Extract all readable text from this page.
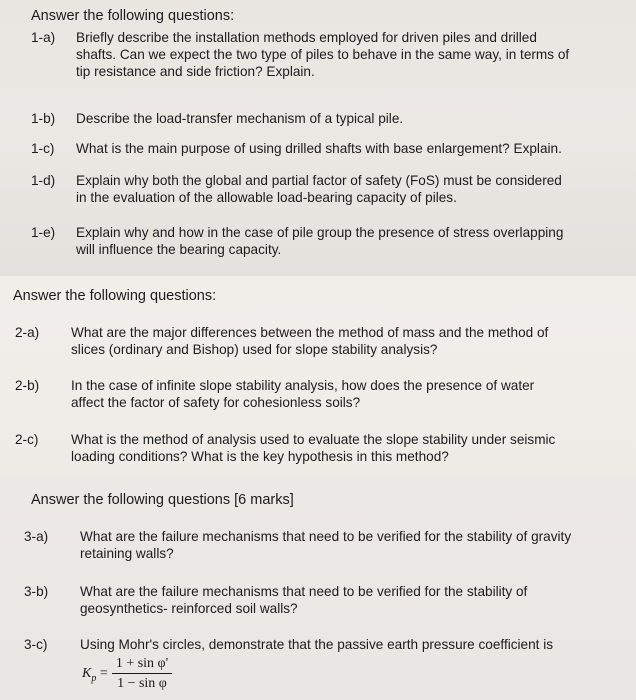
Answer the following questions:
1-a) Briefly describe the installation methods employed for driven piles and drilled
shafts. Can we expect the two type of piles to behave in the same way, in terms of
tip resistance and side friction? Explain.
1-b) Describe the load-transfer mechanism of a typical pile.
1-c) What is the main purpose of using drilled shafts with base enlargement? Explain.
1-d) Explain why both the global and partial factor of safety (FoS) must be considered
in the evaluation of the allowable load-bearing capacity of piles.
1-e) Explain why and how in the case of pile group the presence of stress overlapping
will influence the bearing capacity.
Answer the following questions:
2-a) What are the major differences between the method of mass and the method of
slices (ordinary and Bishop) used for slope stability analysis?
2-b) In the case of infinite slope stability analysis, how does the presence of water
affect the factor of safety for cohesionless soils?
2-c) What is the method of analysis used to evaluate the slope stability under seismic
loading conditions? What is the key hypothesis in this method?
Answer the following questions [6 marks]
3-a) What are the failure mechanisms that need to be verified for the stability of gravity
retaining walls?
3-b) What are the failure mechanisms that need to be verified for the stability of
geosynthetics- reinforced soil walls?
3-c) Using Mohr's circles, demonstrate that the passive earth pressure coefficient is
$K_p$ =
1 + sin φ'
1 − sin φ
